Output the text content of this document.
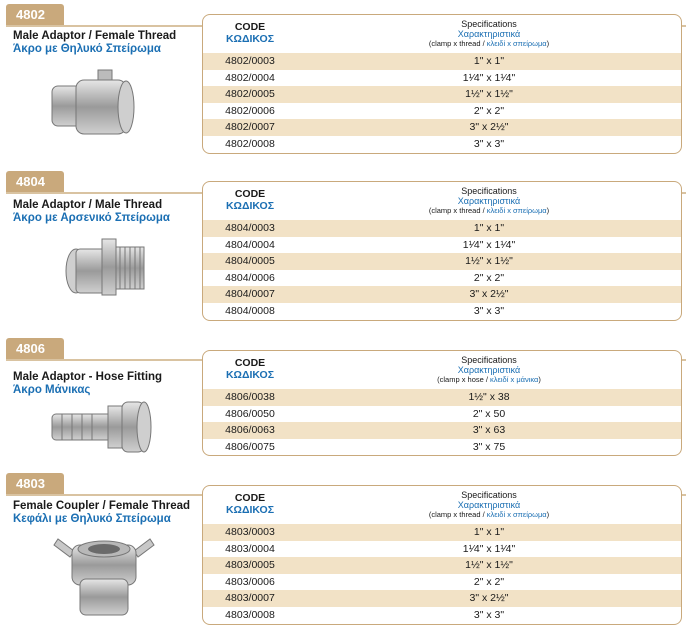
4802
Male Adaptor / Female Thread
Άκρο με Θηλυκό Σπείρωμα
CODE
ΚΩΔΙΚΟΣ
Specifications
Χαρακτηριστικά
(clamp x thread / κλειδί x σπείρωμα)
4802/0003	1" x 1"
4802/0004	1¹⁄4" x 1¹⁄4"
4802/0005	1½" x 1½"
4802/0006	2" x 2"
4802/0007	3" x 2½"
4802/0008	3" x 3"
4804
Male Adaptor / Male Thread
Άκρο με Αρσενικό Σπείρωμα
CODE
ΚΩΔΙΚΟΣ
Specifications
Χαρακτηριστικά
(clamp x thread / κλειδί x σπείρωμα)
4804/0003	1" x 1"
4804/0004	1¹⁄4" x 1¹⁄4"
4804/0005	1½" x 1½"
4804/0006	2" x 2"
4804/0007	3" x 2½"
4804/0008	3" x 3"
4806
Male Adaptor - Hose Fitting
Άκρο Μάνικας
CODE
ΚΩΔΙΚΟΣ
Specifications
Χαρακτηριστικά
(clamp x hose / κλειδί x μάνικα)
4806/0038	1½" x 38
4806/0050	2" x 50
4806/0063	3" x 63
4806/0075	3" x 75
4803
Female Coupler / Female Thread
Κεφάλι με Θηλυκό Σπείρωμα
CODE
ΚΩΔΙΚΟΣ
Specifications
Χαρακτηριστικά
(clamp x thread / κλειδί x σπείρωμα)
4803/0003	1" x 1"
4803/0004	1¹⁄4" x 1¹⁄4"
4803/0005	1½" x 1½"
4803/0006	2" x 2"
4803/0007	3" x 2½"
4803/0008	3" x 3"
